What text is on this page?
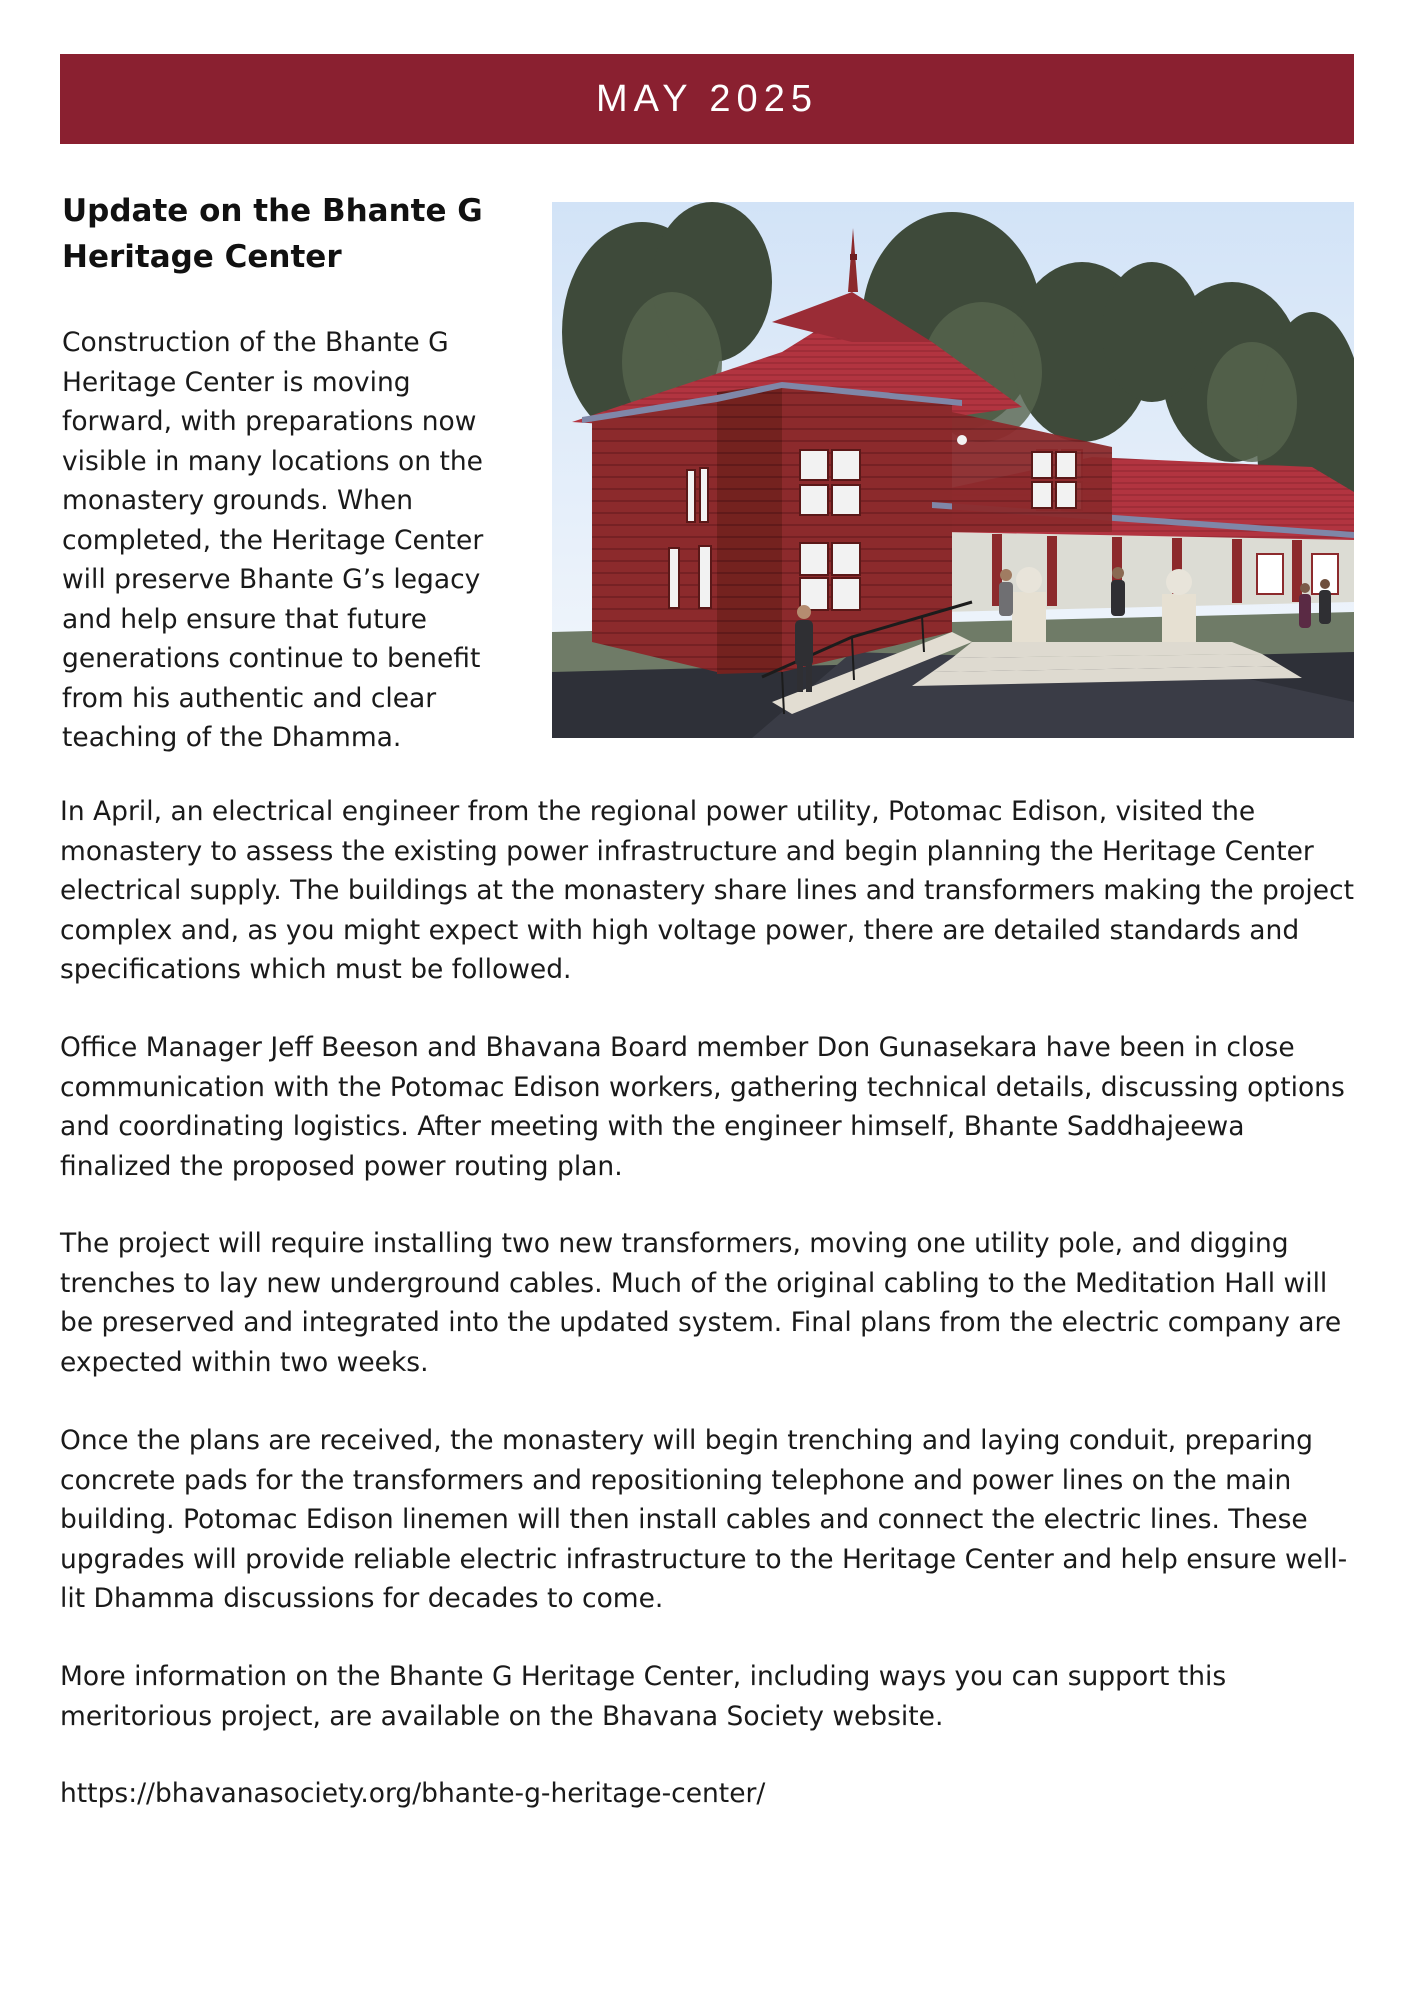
MAY 2025
Update on the Bhante G Heritage Center

Construction of the Bhante G Heritage Center is moving forward, with preparations now visible in many locations on the monastery grounds. When completed, the Heritage Center will preserve Bhante G’s legacy and help ensure that future generations continue to benefit from his authentic and clear teaching of the Dhamma.

In April, an electrical engineer from the regional power utility, Potomac Edison, visited the monastery to assess the existing power infrastructure and begin planning the Heritage Center electrical supply. The buildings at the monastery share lines and transformers making the project complex and, as you might expect with high voltage power, there are detailed standards and specifications which must be followed.

Office Manager Jeff Beeson and Bhavana Board member Don Gunasekara have been in close communication with the Potomac Edison workers, gathering technical details, discussing options and coordinating logistics. After meeting with the engineer himself, Bhante Saddhajeewa finalized the proposed power routing plan.

The project will require installing two new transformers, moving one utility pole, and digging trenches to lay new underground cables. Much of the original cabling to the Meditation Hall will be preserved and integrated into the updated system. Final plans from the electric company are expected within two weeks.

Once the plans are received, the monastery will begin trenching and laying conduit, preparing concrete pads for the transformers and repositioning telephone and power lines on the main building. Potomac Edison linemen will then install cables and connect the electric lines. These upgrades will provide reliable electric infrastructure to the Heritage Center and help ensure well-lit Dhamma discussions for decades to come.

More information on the Bhante G Heritage Center, including ways you can support this meritorious project, are available on the Bhavana Society website.

https://bhavanasociety.org/bhante-g-heritage-center/
